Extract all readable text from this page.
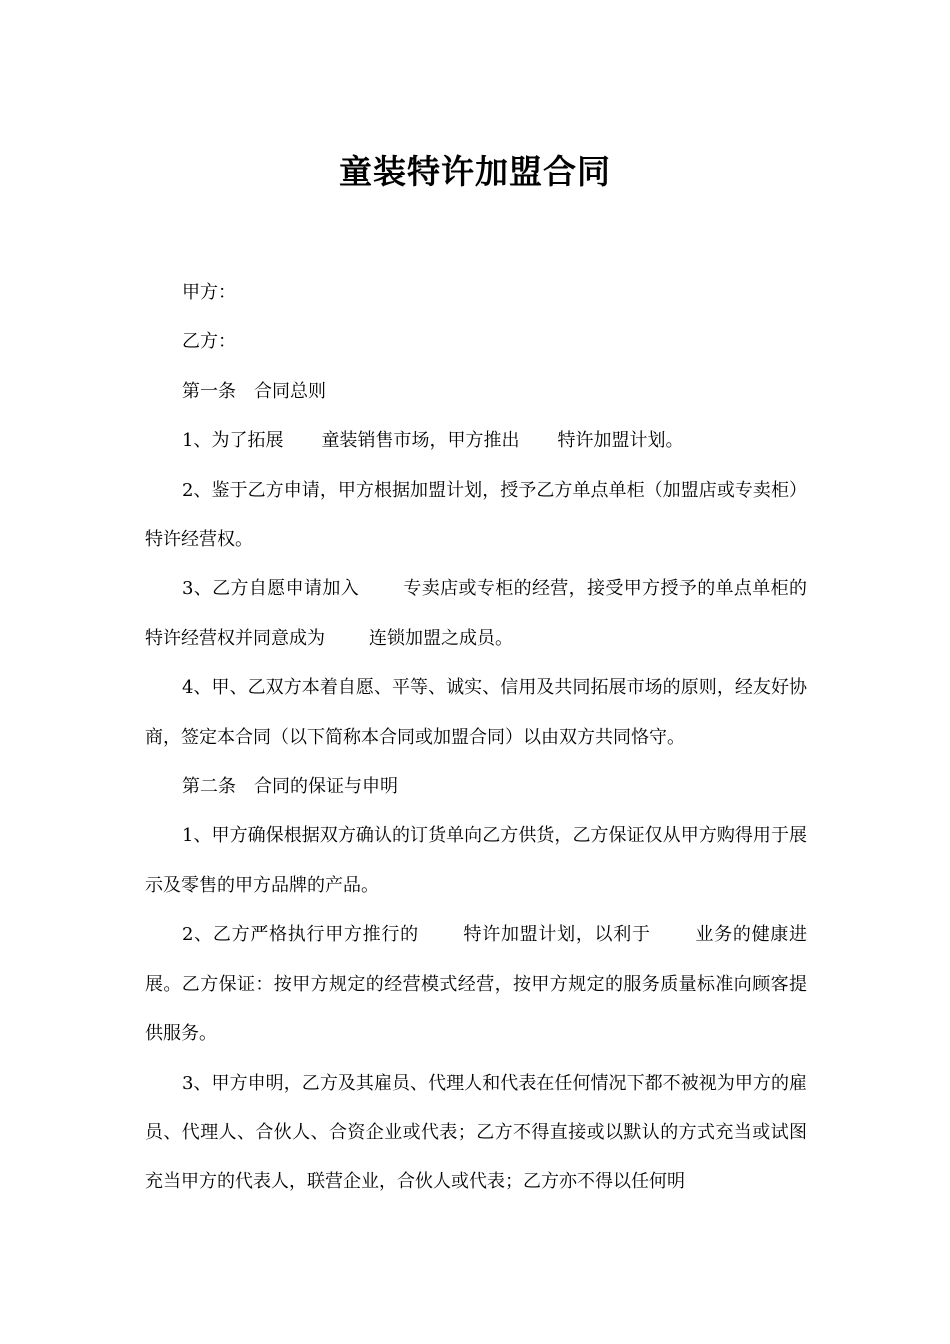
童装特许加盟合同

甲方：

乙方：

第一条　合同总则

1、为了拓展 童装销售市场，甲方推出 特许加盟计划。

2、鉴于乙方申请，甲方根据加盟计划，授予乙方单点单柜（加盟店或专卖柜）特许经营权。

3、乙方自愿申请加入 专卖店或专柜的经营，接受甲方授予的单点单柜的特许经营权并同意成为 连锁加盟之成员。

4、甲、乙双方本着自愿、平等、诚实、信用及共同拓展市场的原则，经友好协商，签定本合同（以下简称本合同或加盟合同）以由双方共同恪守。

第二条　合同的保证与申明

1、甲方确保根据双方确认的订货单向乙方供货，乙方保证仅从甲方购得用于展示及零售的甲方品牌的产品。

2、乙方严格执行甲方推行的 特许加盟计划，以利于 业务的健康进展。乙方保证：按甲方规定的经营模式经营，按甲方规定的服务质量标准向顾客提供服务。

3、甲方申明，乙方及其雇员、代理人和代表在任何情况下都不被视为甲方的雇员、代理人、合伙人、合资企业或代表；乙方不得直接或以默认的方式充当或试图充当甲方的代表人，联营企业，合伙人或代表；乙方亦不得以任何明
